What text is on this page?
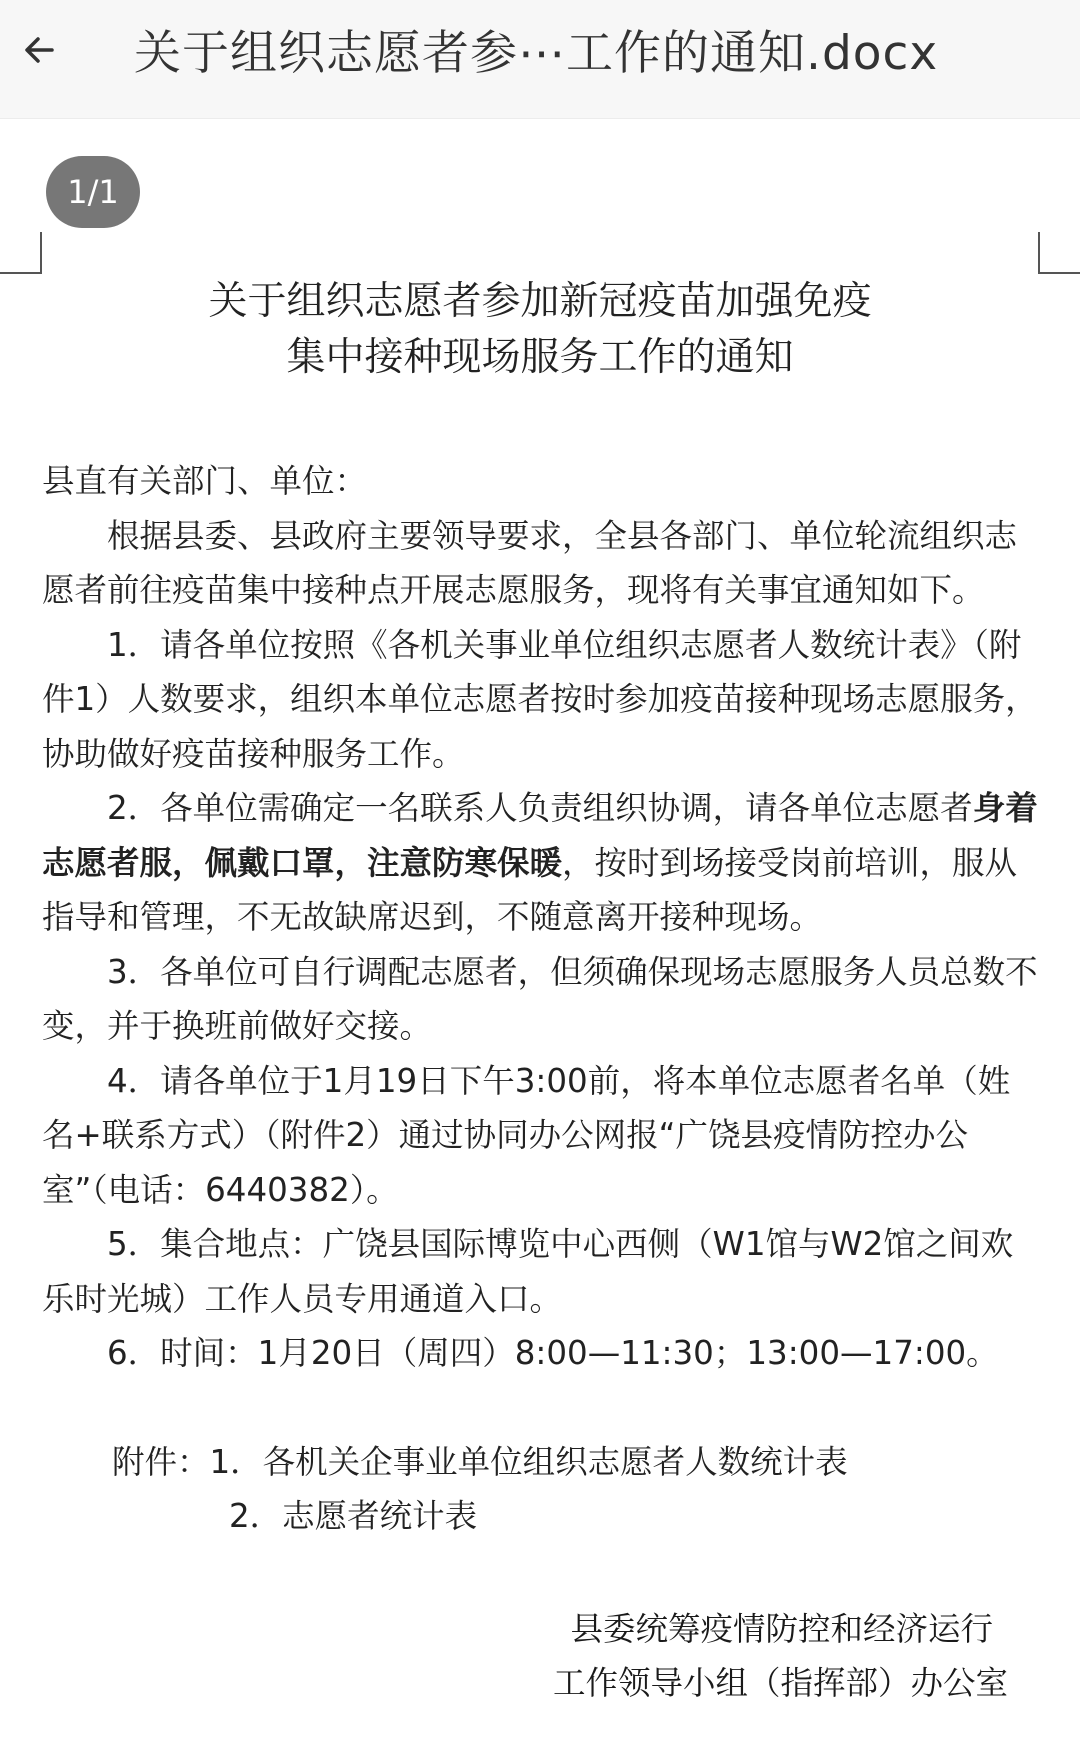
关于组织志愿者参⋯工作的通知.docx
1/1
关于组织志愿者参加新冠疫苗加强免疫
集中接种现场服务工作的通知

县直有关部门、单位：

根据县委、县政府主要领导要求，全县各部门、单位轮流组织志愿者前往疫苗集中接种点开展志愿服务，现将有关事宜通知如下。

1．请各单位按照《各机关事业单位组织志愿者人数统计表》（附件1）人数要求，组织本单位志愿者按时参加疫苗接种现场志愿服务，协助做好疫苗接种服务工作。

2．各单位需确定一名联系人负责组织协调，请各单位志愿者身着志愿者服，佩戴口罩，注意防寒保暖，按时到场接受岗前培训，服从指导和管理，不无故缺席迟到，不随意离开接种现场。

3．各单位可自行调配志愿者，但须确保现场志愿服务人员总数不变，并于换班前做好交接。

4．请各单位于1月19日下午3:00前，将本单位志愿者名单（姓名+联系方式）（附件2）通过协同办公网报“广饶县疫情防控办公室”（电话：6440382）。

5．集合地点：广饶县国际博览中心西侧（W1馆与W2馆之间欢乐时光城）工作人员专用通道入口。

6．时间：1月20日（周四）8:00—11:30；13:00—17:00。

附件：1．各机关企事业单位组织志愿者人数统计表

2．志愿者统计表

县委统筹疫情防控和经济运行
工作领导小组（指挥部）办公室
